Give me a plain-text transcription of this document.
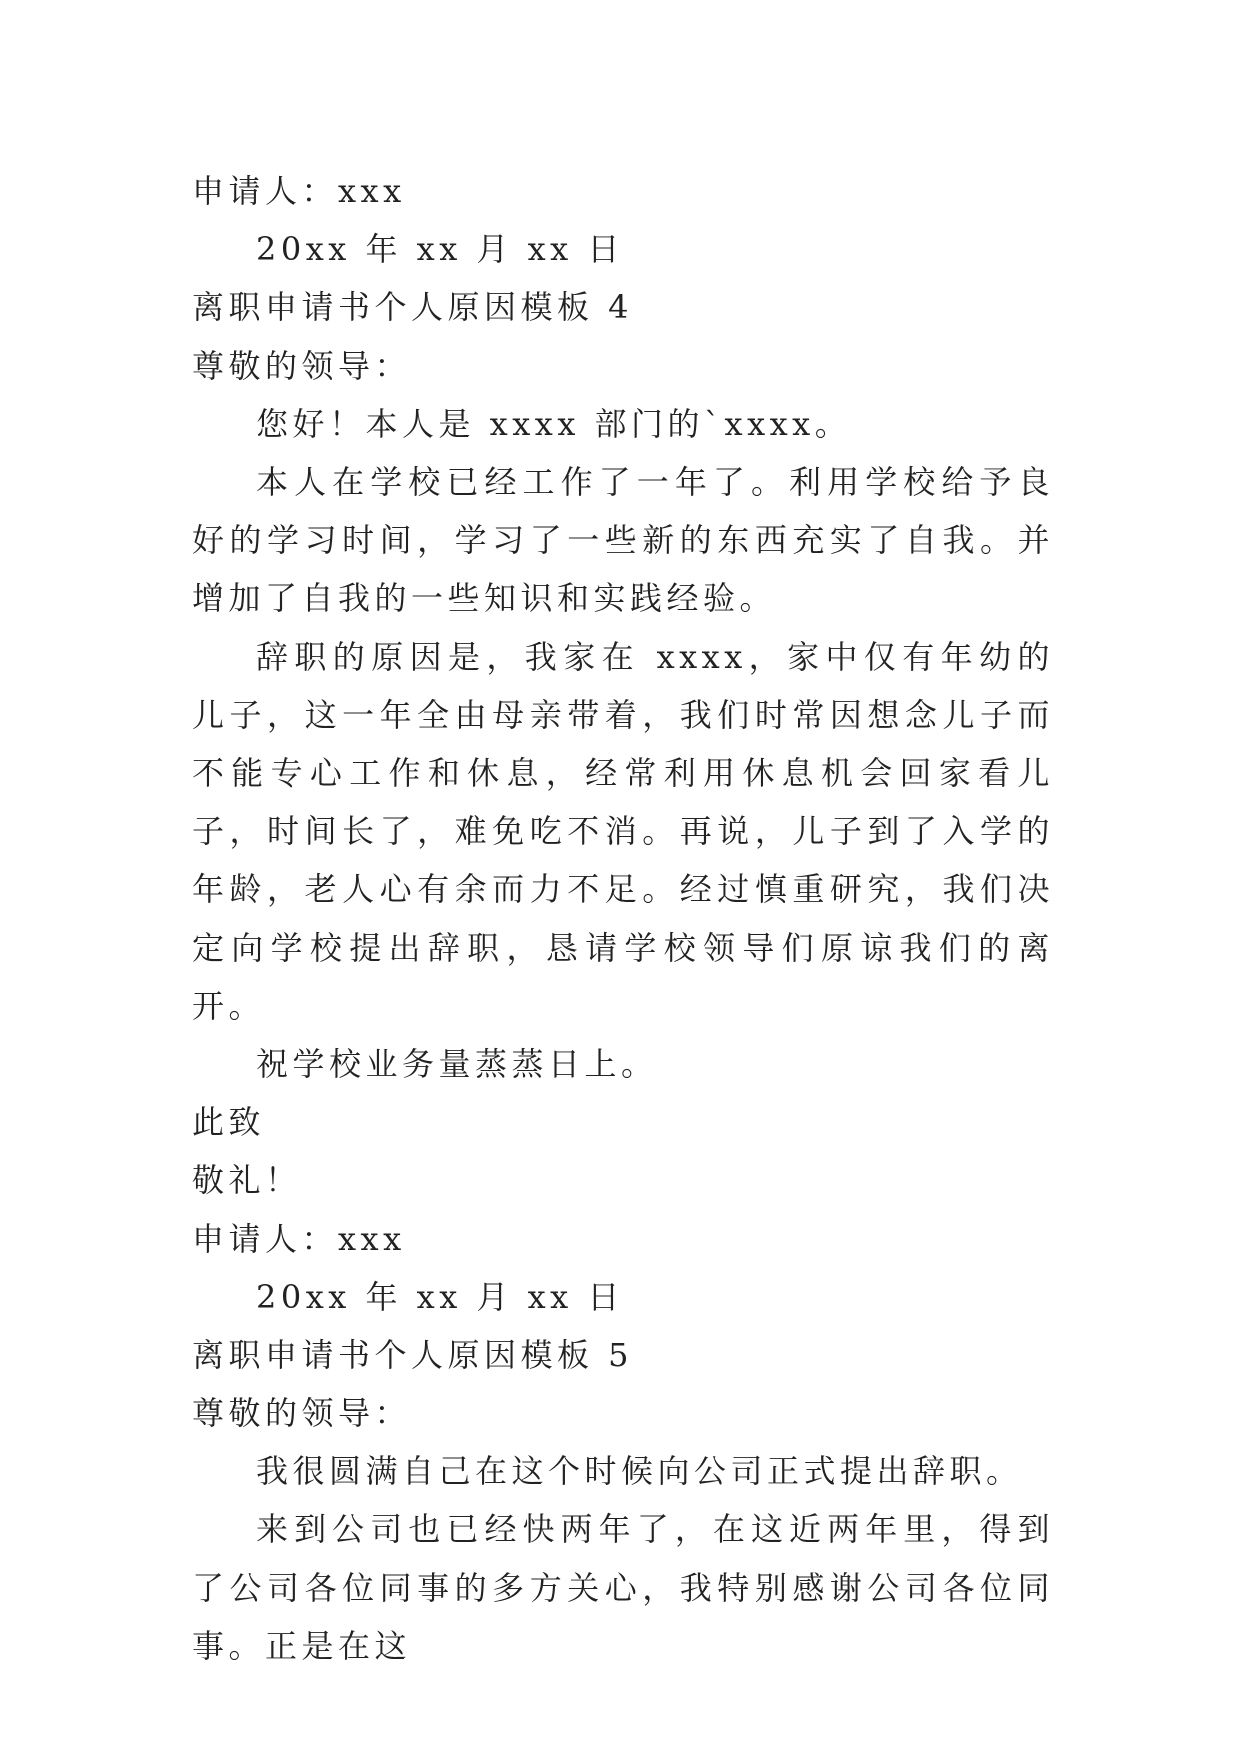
申请人：xxx
20xx 年 xx 月 xx 日
离职申请书个人原因模板 4
尊敬的领导：
您好！本人是 xxxx 部门的`xxxx。

本人在学校已经工作了一年了。利用学校给予良好的学习时间，学习了一些新的东西充实了自我。并增加了自我的一些知识和实践经验。

辞职的原因是，我家在 xxxx，家中仅有年幼的儿子，这一年全由母亲带着，我们时常因想念儿子而不能专心工作和休息，经常利用休息机会回家看儿子，时间长了，难免吃不消。再说，儿子到了入学的年龄，老人心有余而力不足。经过慎重研究，我们决定向学校提出辞职，恳请学校领导们原谅我们的离开。

祝学校业务量蒸蒸日上。
此致
敬礼！
申请人：xxx
20xx 年 xx 月 xx 日
离职申请书个人原因模板 5
尊敬的领导：
我很圆满自己在这个时候向公司正式提出辞职。

来到公司也已经快两年了，在这近两年里，得到了公司各位同事的多方关心，我特别感谢公司各位同事。正是在这
